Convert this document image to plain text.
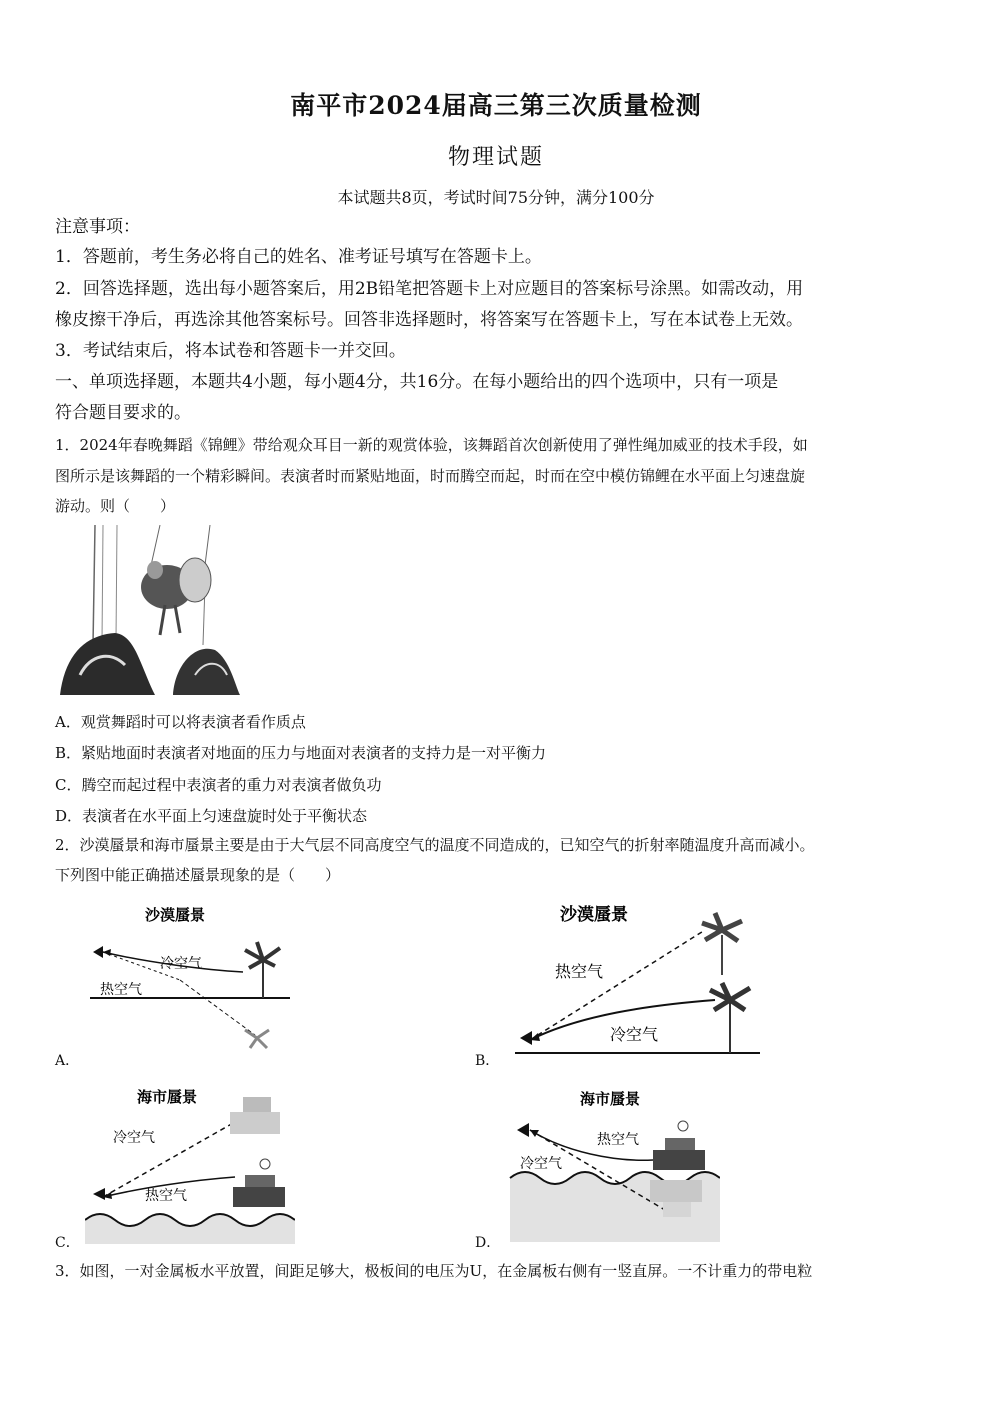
南平市2024届高三第三次质量检测
物理试题
本试题共8页，考试时间75分钟，满分100分
注意事项：
1．答题前，考生务必将自己的姓名、准考证号填写在答题卡上。
2．回答选择题，选出每小题答案后，用2B铅笔把答题卡上对应题目的答案标号涂黑。如需改动，用
橡皮擦干净后，再选涂其他答案标号。回答非选择题时，将答案写在答题卡上，写在本试卷上无效。
3．考试结束后，将本试卷和答题卡一并交回。
一、单项选择题，本题共4小题，每小题4分，共16分。在每小题给出的四个选项中，只有一项是
符合题目要求的。
1．2024年春晚舞蹈《锦鲤》带给观众耳目一新的观赏体验，该舞蹈首次创新使用了弹性绳加威亚的技术手段，如
图所示是该舞蹈的一个精彩瞬间。表演者时而紧贴地面，时而腾空而起，时而在空中模仿锦鲤在水平面上匀速盘旋
游动。则（　　）
A．观赏舞蹈时可以将表演者看作质点
B．紧贴地面时表演者对地面的压力与地面对表演者的支持力是一对平衡力
C．腾空而起过程中表演者的重力对表演者做负功
D．表演者在水平面上匀速盘旋时处于平衡状态
2．沙漠蜃景和海市蜃景主要是由于大气层不同高度空气的温度不同造成的，已知空气的折射率随温度升高而减小。
下列图中能正确描述蜃景现象的是（　　）
A．
沙漠蜃景
冷空气
热空气
B．
沙漠蜃景
热空气
冷空气
C．
海市蜃景
冷空气
热空气
D．
海市蜃景
热空气
冷空气
3．如图，一对金属板水平放置，间距足够大，极板间的电压为U，在金属板右侧有一竖直屏。一不计重力的带电粒
